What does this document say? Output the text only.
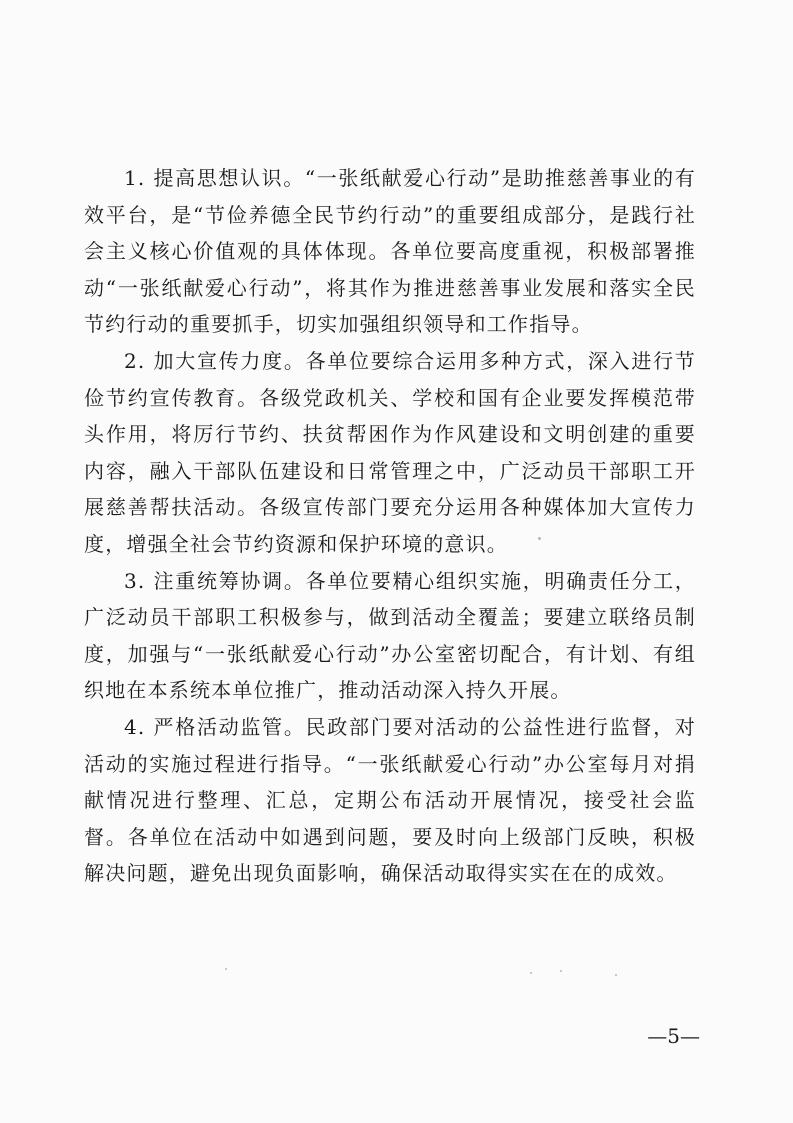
1. 提高思想认识。“一张纸献爱心行动”是助推慈善事业的有效平台，是“节俭养德全民节约行动”的重要组成部分，是践行社会主义核心价值观的具体体现。各单位要高度重视，积极部署推动“一张纸献爱心行动”，将其作为推进慈善事业发展和落实全民节约行动的重要抓手，切实加强组织领导和工作指导。

2. 加大宣传力度。各单位要综合运用多种方式，深入进行节俭节约宣传教育。各级党政机关、学校和国有企业要发挥模范带头作用，将厉行节约、扶贫帮困作为作风建设和文明创建的重要内容，融入干部队伍建设和日常管理之中，广泛动员干部职工开展慈善帮扶活动。各级宣传部门要充分运用各种媒体加大宣传力度，增强全社会节约资源和保护环境的意识。

3. 注重统筹协调。各单位要精心组织实施，明确责任分工，广泛动员干部职工积极参与，做到活动全覆盖；要建立联络员制度，加强与“一张纸献爱心行动”办公室密切配合，有计划、有组织地在本系统本单位推广，推动活动深入持久开展。

4. 严格活动监管。民政部门要对活动的公益性进行监督，对活动的实施过程进行指导。“一张纸献爱心行动”办公室每月对捐献情况进行整理、汇总，定期公布活动开展情况，接受社会监督。各单位在活动中如遇到问题，要及时向上级部门反映，积极解决问题，避免出现负面影响，确保活动取得实实在在的成效。

—5—
